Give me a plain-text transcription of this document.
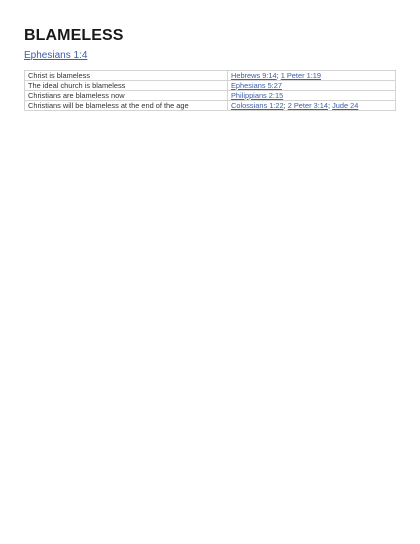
BLAMELESS
Ephesians 1:4
Christ is blameless	Hebrews 9:14; 1 Peter 1:19
The ideal church is blameless	Ephesians 5:27
Christians are blameless now	Philippians 2:15
Christians will be blameless at the end of the age	Colossians 1:22; 2 Peter 3:14; Jude 24
